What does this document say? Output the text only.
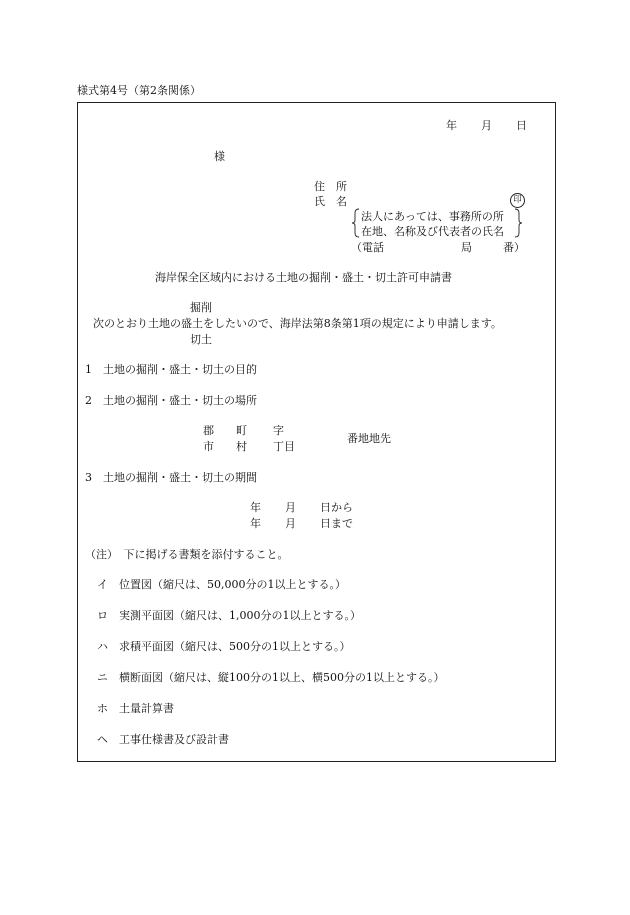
様式第4号（第2条関係）
年 月 日
様
住　所
氏　名	印
法人にあっては、事務所の所
在地、名称及び代表者の氏名
（電話	局	番）
海岸保全区域内における土地の掘削・盛土・切土許可申請書
掘削
次のとおり土地の盛土をしたいので、海岸法第8条第1項の規定により申請します。
切土
1　土地の掘削・盛土・切土の目的
2　土地の掘削・盛土・切土の場所
郡 町 字
市 村 丁目
番地地先
3　土地の掘削・盛土・切土の期間
年 月 日から
年 月 日まで
（注）　下に掲げる書類を添付すること。
イ　位置図（縮尺は、50,000分の1以上とする。）
ロ　実測平面図（縮尺は、1,000分の1以上とする。）
ハ　求積平面図（縮尺は、500分の1以上とする。）
ニ　横断面図（縮尺は、縦100分の1以上、横500分の1以上とする。）
ホ　土量計算書
ヘ　工事仕様書及び設計書
